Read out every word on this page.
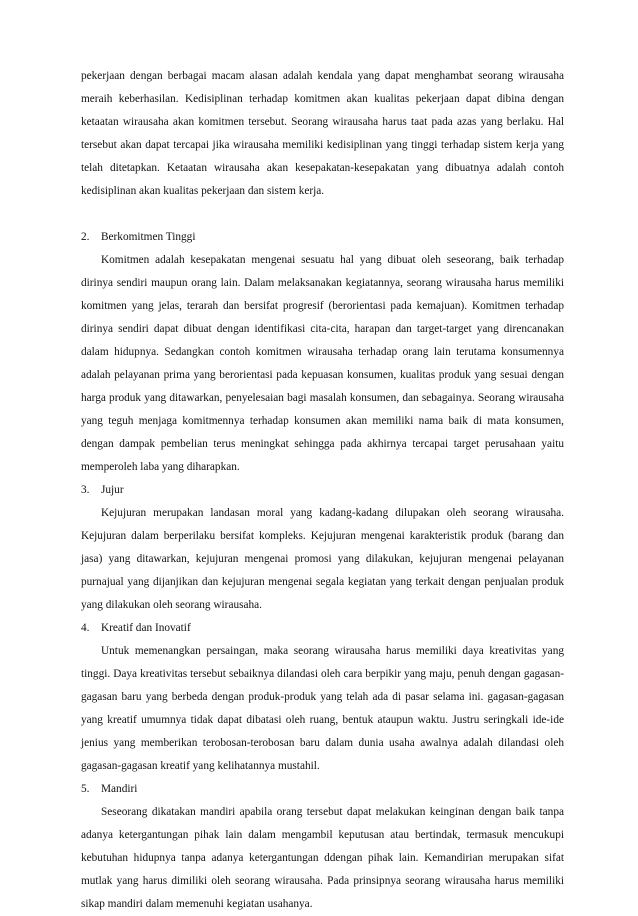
pekerjaan dengan berbagai macam alasan adalah kendala yang dapat menghambat seorang wirausaha meraih keberhasilan. Kedisiplinan terhadap komitmen akan kualitas pekerjaan dapat dibina dengan ketaatan wirausaha akan komitmen tersebut. Seorang wirausaha harus taat pada azas yang berlaku. Hal tersebut akan dapat tercapai jika wirausaha memiliki kedisiplinan yang tinggi terhadap sistem kerja yang telah ditetapkan. Ketaatan wirausaha akan kesepakatan-kesepakatan yang dibuatnya adalah contoh kedisiplinan akan kualitas pekerjaan dan sistem kerja.

2.	Berkomitmen Tinggi

Komitmen adalah kesepakatan mengenai sesuatu hal yang dibuat oleh seseorang, baik terhadap dirinya sendiri maupun orang lain. Dalam melaksanakan kegiatannya, seorang wirausaha harus memiliki komitmen yang jelas, terarah dan bersifat progresif (berorientasi pada kemajuan). Komitmen terhadap dirinya sendiri dapat dibuat dengan identifikasi cita-cita, harapan dan target-target yang direncanakan dalam hidupnya. Sedangkan contoh komitmen wirausaha terhadap orang lain terutama konsumennya adalah pelayanan prima yang berorientasi pada kepuasan konsumen, kualitas produk yang sesuai dengan harga produk yang ditawarkan, penyelesaian bagi masalah konsumen, dan sebagainya. Seorang wirausaha yang teguh menjaga komitmennya terhadap konsumen akan memiliki nama baik di mata konsumen, dengan dampak pembelian terus meningkat sehingga pada akhirnya tercapai target perusahaan yaitu memperoleh laba yang diharapkan.

3.	Jujur

Kejujuran merupakan landasan moral yang kadang-kadang dilupakan oleh seorang wirausaha. Kejujuran dalam berperilaku bersifat kompleks. Kejujuran mengenai karakteristik produk (barang dan jasa) yang ditawarkan, kejujuran mengenai promosi yang dilakukan, kejujuran mengenai pelayanan purnajual yang dijanjikan dan kejujuran mengenai segala kegiatan yang terkait dengan penjualan produk yang dilakukan oleh seorang wirausaha.

4.	Kreatif dan Inovatif

Untuk memenangkan persaingan, maka seorang wirausaha harus memiliki daya kreativitas yang tinggi. Daya kreativitas tersebut sebaiknya dilandasi oleh cara berpikir yang maju, penuh dengan gagasan-gagasan baru yang berbeda dengan produk-produk yang telah ada di pasar selama ini. gagasan-gagasan yang kreatif umumnya tidak dapat dibatasi oleh ruang, bentuk ataupun waktu. Justru seringkali ide-ide jenius yang memberikan terobosan-terobosan baru dalam dunia usaha awalnya adalah dilandasi oleh gagasan-gagasan kreatif yang kelihatannya mustahil.

5.	Mandiri

Seseorang dikatakan mandiri apabila orang tersebut dapat melakukan keinginan dengan baik tanpa adanya ketergantungan pihak lain dalam mengambil keputusan atau bertindak, termasuk mencukupi kebutuhan hidupnya tanpa adanya ketergantungan ddengan pihak lain. Kemandirian merupakan sifat mutlak yang harus dimiliki oleh seorang wirausaha. Pada prinsipnya seorang wirausaha harus memiliki sikap mandiri dalam memenuhi kegiatan usahanya.
